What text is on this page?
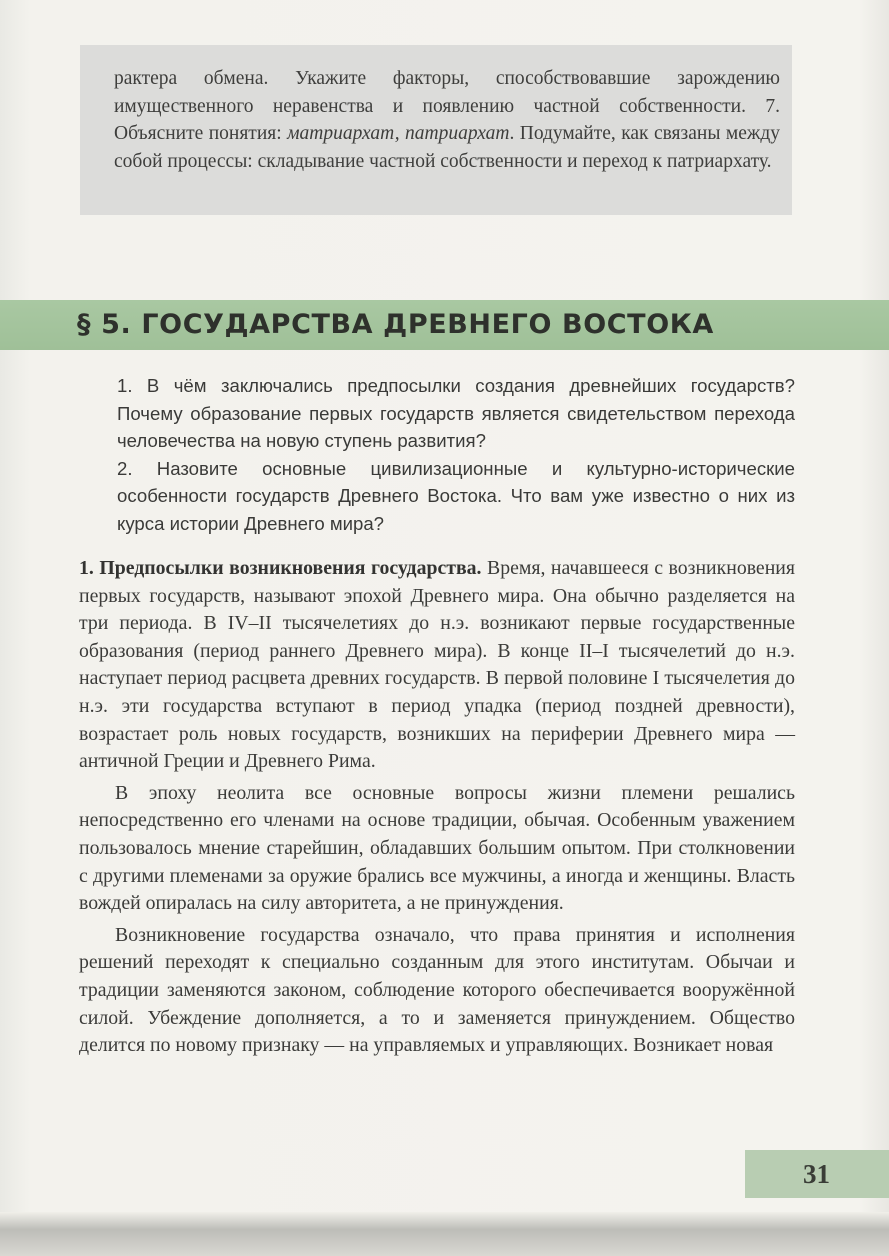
рактера обмена. Укажите факторы, способствовавшие зарождению имущественного неравенства и появлению частной собственности. 7. Объясните понятия: матриархат, патриархат. Подумайте, как связаны между собой процессы: складывание частной собственности и переход к патриархату.

§ 5. ГОСУДАРСТВА ДРЕВНЕГО ВОСТОКА

1. В чём заключались предпосылки создания древнейших государств? Почему образование первых государств является свидетельством перехода человечества на новую ступень развития?

2. Назовите основные цивилизационные и культурно-исторические особенности государств Древнего Востока. Что вам уже известно о них из курса истории Древнего мира?

1. Предпосылки возникновения государства. Время, начавшееся с возникновения первых государств, называют эпохой Древнего мира. Она обычно разделяется на три периода. В IV–II тысячелетиях до н.э. возникают первые государственные образования (период раннего Древнего мира). В конце II–I тысячелетий до н.э. наступает период расцвета древних государств. В первой половине I тысячелетия до н.э. эти государства вступают в период упадка (период поздней древности), возрастает роль новых государств, возникших на периферии Древнего мира — античной Греции и Древнего Рима.

В эпоху неолита все основные вопросы жизни племени решались непосредственно его членами на основе традиции, обычая. Особенным уважением пользовалось мнение старейшин, обладавших большим опытом. При столкновении с другими племенами за оружие брались все мужчины, а иногда и женщины. Власть вождей опиралась на силу авторитета, а не принуждения.

Возникновение государства означало, что права принятия и исполнения решений переходят к специально созданным для этого институтам. Обычаи и традиции заменяются законом, соблюдение которого обеспечивается вооружённой силой. Убеждение дополняется, а то и заменяется принуждением. Общество делится по новому признаку — на управляемых и управляющих. Возникает новая

31
